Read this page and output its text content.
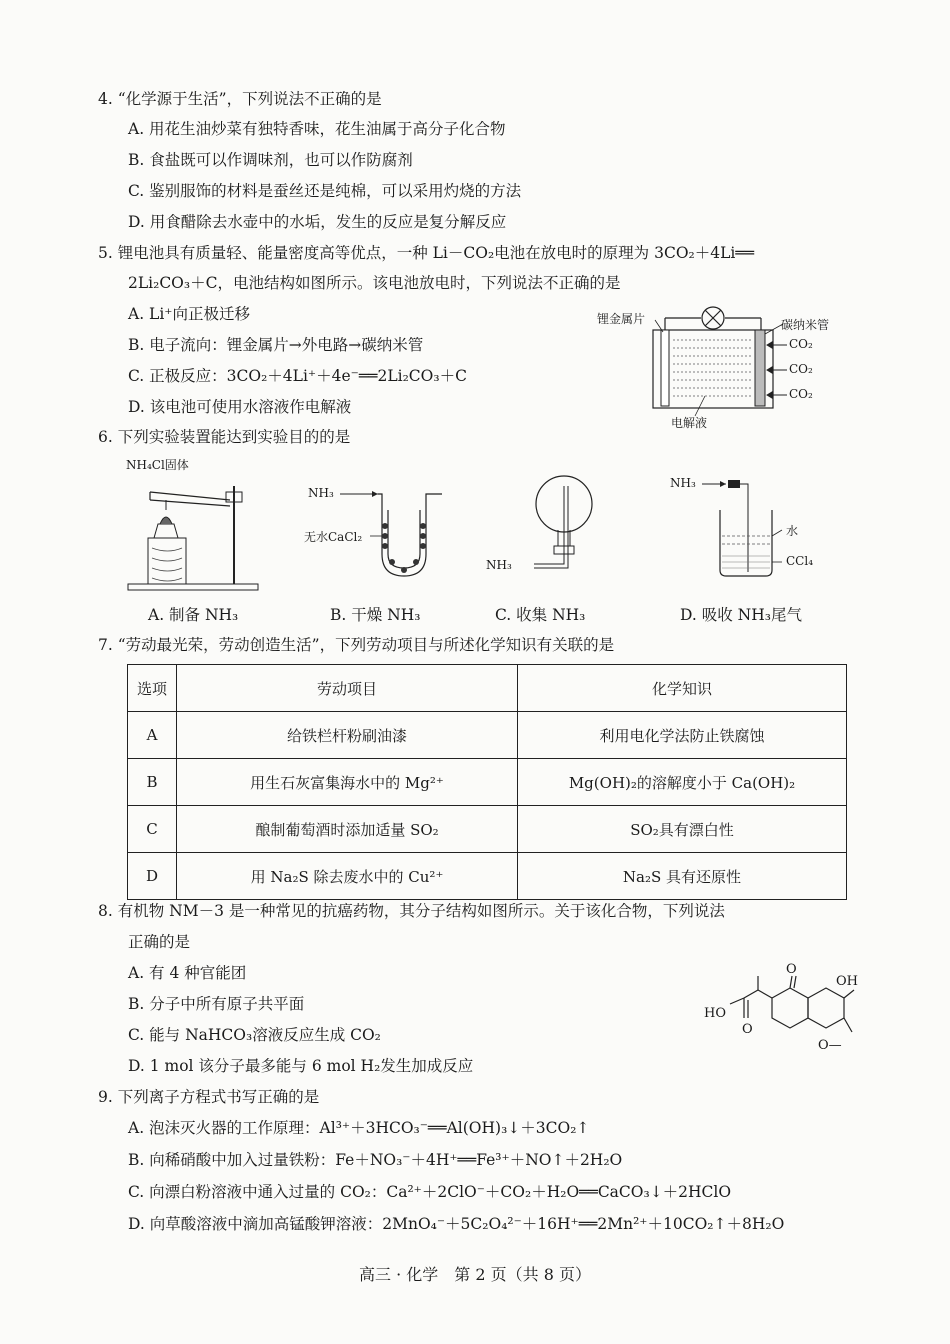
4. “化学源于生活”，下列说法不正确的是
A. 用花生油炒菜有独特香味，花生油属于高分子化合物
B. 食盐既可以作调味剂，也可以作防腐剂
C. 鉴别服饰的材料是蚕丝还是纯棉，可以采用灼烧的方法
D. 用食醋除去水壶中的水垢，发生的反应是复分解反应
5. 锂电池具有质量轻、能量密度高等优点，一种 Li－CO₂电池在放电时的原理为 3CO₂＋4Li══
2Li₂CO₃＋C，电池结构如图所示。该电池放电时，下列说法不正确的是
A. Li⁺向正极迁移
B. 电子流向：锂金属片→外电路→碳纳米管
C. 正极反应：3CO₂＋4Li⁺＋4e⁻══2Li₂CO₃＋C
D. 该电池可使用水溶液作电解液
锂金属片	碳纳米管
CO₂
CO₂
CO₂
电解液
6. 下列实验装置能达到实验目的的是
NH₄Cl固体
NH₃
无水CaCl₂
NH₃
NH₃
水
CCl₄
A. 制备 NH₃	B. 干燥 NH₃	C. 收集 NH₃	D. 吸收 NH₃尾气
7. “劳动最光荣，劳动创造生活”，下列劳动项目与所述化学知识有关联的是
选项	劳动项目	化学知识
A	给铁栏杆粉刷油漆	利用电化学法防止铁腐蚀
B	用生石灰富集海水中的 Mg²⁺	Mg(OH)₂的溶解度小于 Ca(OH)₂
C	酿制葡萄酒时添加适量 SO₂	SO₂具有漂白性
D	用 Na₂S 除去废水中的 Cu²⁺	Na₂S 具有还原性
8. 有机物 NM－3 是一种常见的抗癌药物，其分子结构如图所示。关于该化合物，下列说法
正确的是
A. 有 4 种官能团
B. 分子中所有原子共平面
C. 能与 NaHCO₃溶液反应生成 CO₂
D. 1 mol 该分子最多能与 6 mol H₂发生加成反应
O
OH
HO
O
O—
9. 下列离子方程式书写正确的是
A. 泡沫灭火器的工作原理：Al³⁺＋3HCO₃⁻══Al(OH)₃↓＋3CO₂↑
B. 向稀硝酸中加入过量铁粉：Fe＋NO₃⁻＋4H⁺══Fe³⁺＋NO↑＋2H₂O
C. 向漂白粉溶液中通入过量的 CO₂：Ca²⁺＋2ClO⁻＋CO₂＋H₂O══CaCO₃↓＋2HClO
D. 向草酸溶液中滴加高锰酸钾溶液：2MnO₄⁻＋5C₂O₄²⁻＋16H⁺══2Mn²⁺＋10CO₂↑＋8H₂O
高三 · 化学　第 2 页（共 8 页）
